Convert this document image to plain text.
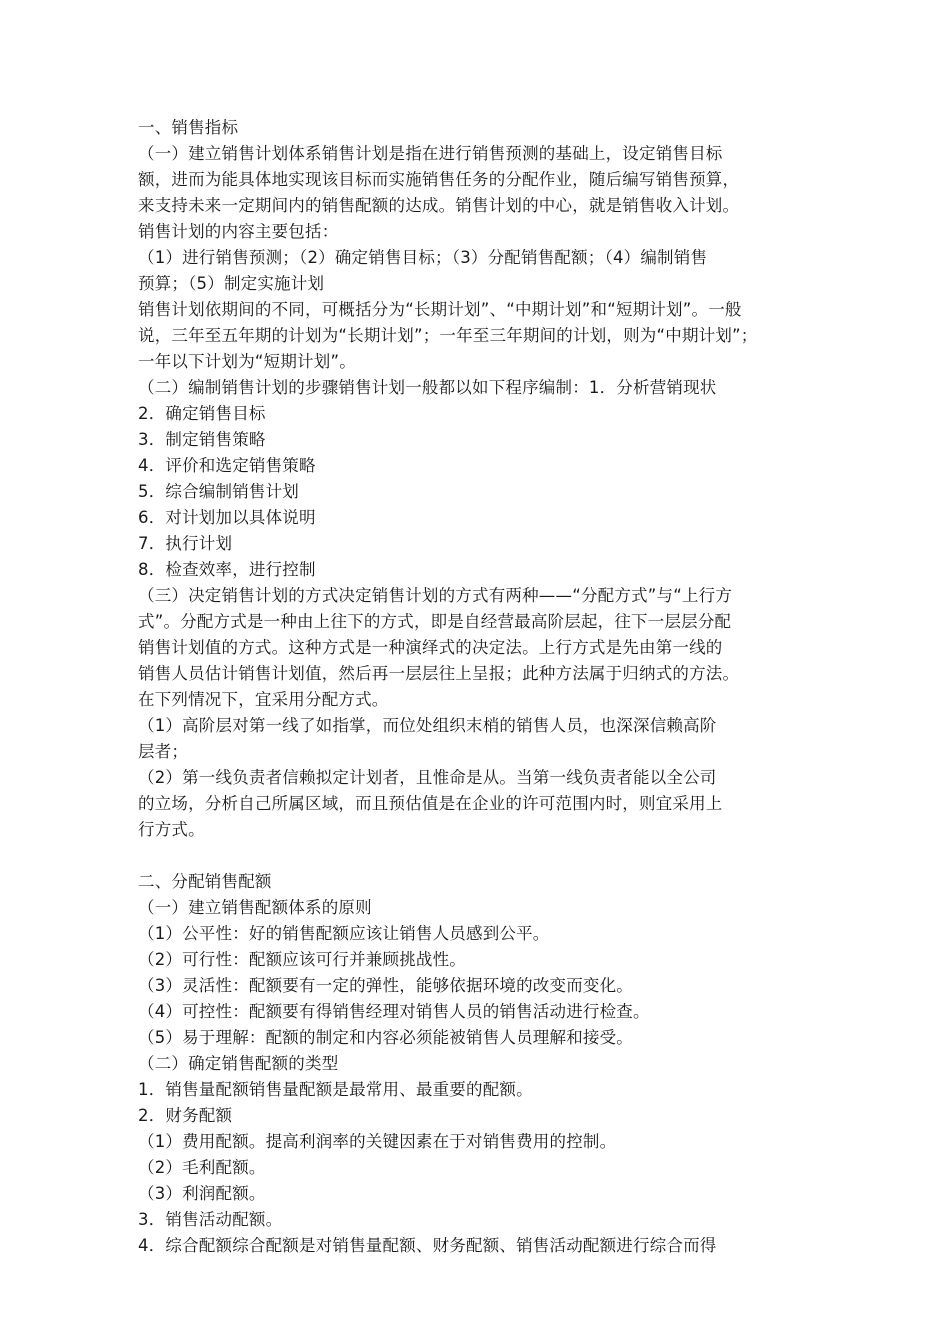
一、销售指标
（一）建立销售计划体系销售计划是指在进行销售预测的基础上，设定销售目标
额，进而为能具体地实现该目标而实施销售任务的分配作业，随后编写销售预算，
来支持未来一定期间内的销售配额的达成。销售计划的中心，就是销售收入计划。
销售计划的内容主要包括：
（1）进行销售预测；（2）确定销售目标；（3）分配销售配额；（4）编制销售
预算；（5）制定实施计划
销售计划依期间的不同，可概括分为“长期计划”、“中期计划”和“短期计划”。一般
说，三年至五年期的计划为“长期计划”；一年至三年期间的计划，则为“中期计划”；
一年以下计划为“短期计划”。
（二）编制销售计划的步骤销售计划一般都以如下程序编制：1．分析营销现状
2．确定销售目标
3．制定销售策略
4．评价和选定销售策略
5．综合编制销售计划
6．对计划加以具体说明
7．执行计划
8．检查效率，进行控制
（三）决定销售计划的方式决定销售计划的方式有两种——“分配方式”与“上行方
式”。分配方式是一种由上往下的方式，即是自经营最高阶层起，往下一层层分配
销售计划值的方式。这种方式是一种演绎式的决定法。上行方式是先由第一线的
销售人员估计销售计划值，然后再一层层往上呈报；此种方法属于归纳式的方法。
在下列情况下，宜采用分配方式。
（1）高阶层对第一线了如指掌，而位处组织末梢的销售人员，也深深信赖高阶
层者；
（2）第一线负责者信赖拟定计划者，且惟命是从。当第一线负责者能以全公司
的立场，分析自己所属区域，而且预估值是在企业的许可范围内时，则宜采用上
行方式。
二、分配销售配额
（一）建立销售配额体系的原则
（1）公平性：好的销售配额应该让销售人员感到公平。
（2）可行性：配额应该可行并兼顾挑战性。
（3）灵活性：配额要有一定的弹性，能够依据环境的改变而变化。
（4）可控性：配额要有得销售经理对销售人员的销售活动进行检查。
（5）易于理解：配额的制定和内容必须能被销售人员理解和接受。
（二）确定销售配额的类型
1．销售量配额销售量配额是最常用、最重要的配额。
2．财务配额
（1）费用配额。提高利润率的关键因素在于对销售费用的控制。
（2）毛利配额。
（3）利润配额。
3．销售活动配额。
4．综合配额综合配额是对销售量配额、财务配额、销售活动配额进行综合而得
